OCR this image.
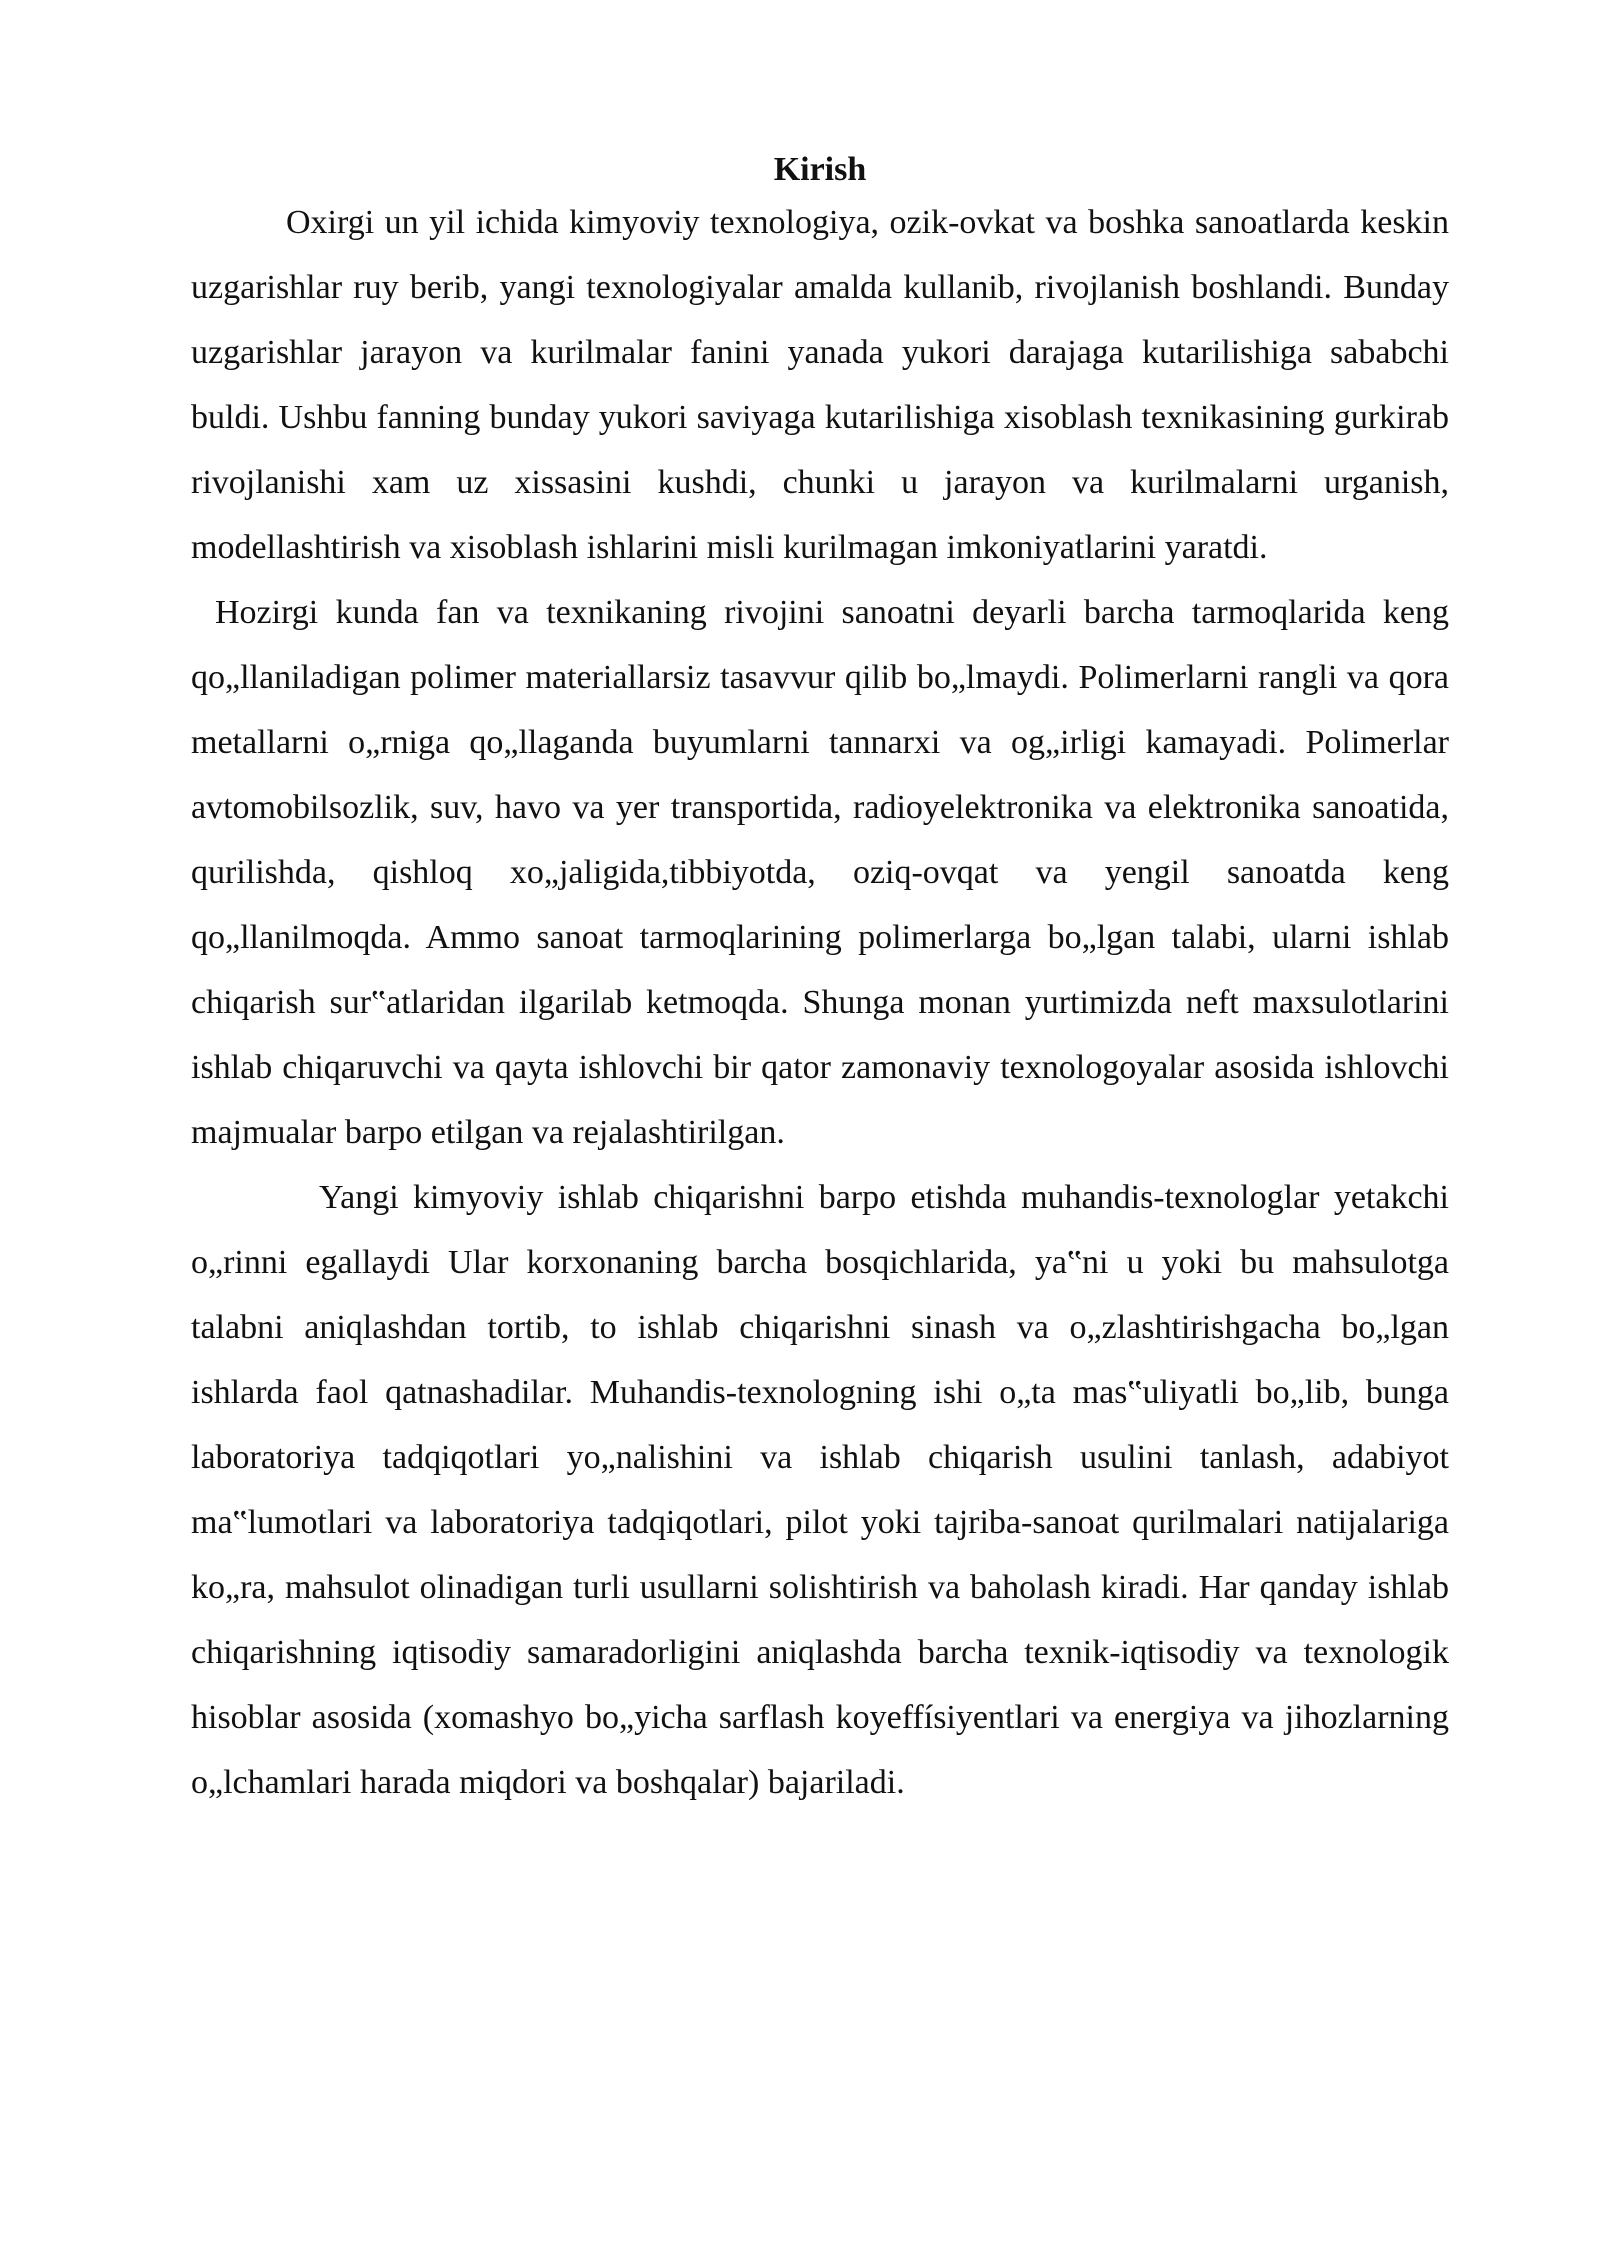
Kirish

Oxirgi un yil ichida kimyoviy texnologiya, ozik-ovkat va boshka sanoatlarda keskin uzgarishlar ruy berib, yangi texnologiyalar amalda kullanib, rivojlanish boshlandi. Bunday uzgarishlar jarayon va kurilmalar fanini yanada yukori darajaga kutarilishiga sababchi buldi. Ushbu fanning bunday yukori saviyaga kutarilishiga xisoblash texnikasining gurkirab rivojlanishi xam uz xissasini kushdi, chunki u jarayon va kurilmalarni urganish, modellashtirish va xisoblash ishlarini misli kurilmagan imkoniyatlarini yaratdi.

Hozirgi kunda fan va texnikaning rivojini sanoatni deyarli barcha tarmoqlarida keng qo„llaniladigan polimer materiallarsiz tasavvur qilib bo„lmaydi. Polimerlarni rangli va qora metallarni o„rniga qo„llaganda buyumlarni tannarxi va og„irligi kamayadi. Polimerlar avtomobilsozlik, suv, havo va yer transportida, radioyelektronika va elektronika sanoatida, qurilishda, qishloq xo„jaligida,tibbiyotda, oziq-ovqat va yengil sanoatda keng qo„llanilmoqda. Ammo sanoat tarmoqlarining polimerlarga bo„lgan talabi, ularni ishlab chiqarish sur‟atlaridan ilgarilab ketmoqda. Shunga monan yurtimizda neft maxsulotlarini ishlab chiqaruvchi va qayta ishlovchi bir qator zamonaviy texnologoyalar asosida ishlovchi majmualar barpo etilgan va rejalashtirilgan.

Yangi kimyoviy ishlab chiqarishni barpo etishda muhandis-texnologlar yetakchi o„rinni egallaydi Ular korxonaning barcha bosqichlarida, ya‟ni u yoki bu mahsulotga talabni aniqlashdan tortib, to ishlab chiqarishni sinash va o„zlashtirishgacha bo„lgan ishlarda faol qatnashadilar. Muhandis-texnologning ishi o„ta mas‟uliyatli bo„lib, bunga laboratoriya tadqiqotlari yo„nalishini va ishlab chiqarish usulini tanlash, adabiyot ma‟lumotlari va laboratoriya tadqiqotlari, pilot yoki tajriba-sanoat qurilmalari natijalariga ko„ra, mahsulot olinadigan turli usullarni solishtirish va baholash kiradi. Har qanday ishlab chiqarishning iqtisodiy samaradorligini aniqlashda barcha texnik-iqtisodiy va texnologik hisoblar asosida (xomashyo bo„yicha sarflash koyeffísiyentlari va energiya va jihozlarning o„lchamlari harada miqdori va boshqalar) bajariladi.
